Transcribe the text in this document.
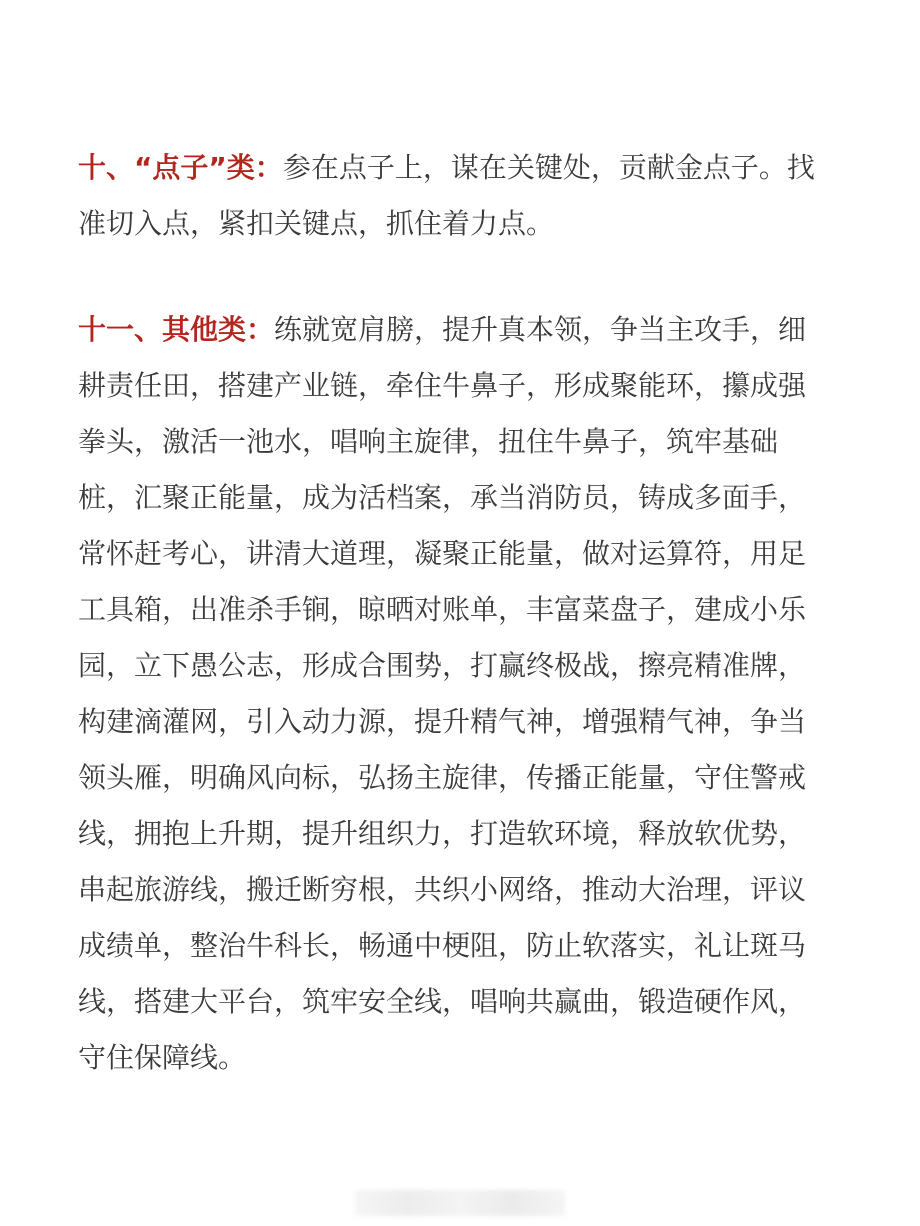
十、“点子”类：参在点子上，谋在关键处，贡献金点子。找
准切入点，紧扣关键点，抓住着力点。
十一、其他类：练就宽肩膀，提升真本领，争当主攻手，细
耕责任田，搭建产业链，牵住牛鼻子，形成聚能环，攥成强
拳头，激活一池水，唱响主旋律，扭住牛鼻子，筑牢基础
桩，汇聚正能量，成为活档案，承当消防员，铸成多面手，
常怀赶考心，讲清大道理，凝聚正能量，做对运算符，用足
工具箱，出准杀手锏，晾晒对账单，丰富菜盘子，建成小乐
园，立下愚公志，形成合围势，打赢终极战，擦亮精准牌，
构建滴灌网，引入动力源，提升精气神，增强精气神，争当
领头雁，明确风向标，弘扬主旋律，传播正能量，守住警戒
线，拥抱上升期，提升组织力，打造软环境，释放软优势，
串起旅游线，搬迁断穷根，共织小网络，推动大治理，评议
成绩单，整治牛科长，畅通中梗阻，防止软落实，礼让斑马
线，搭建大平台，筑牢安全线，唱响共赢曲，锻造硬作风，
守住保障线。
